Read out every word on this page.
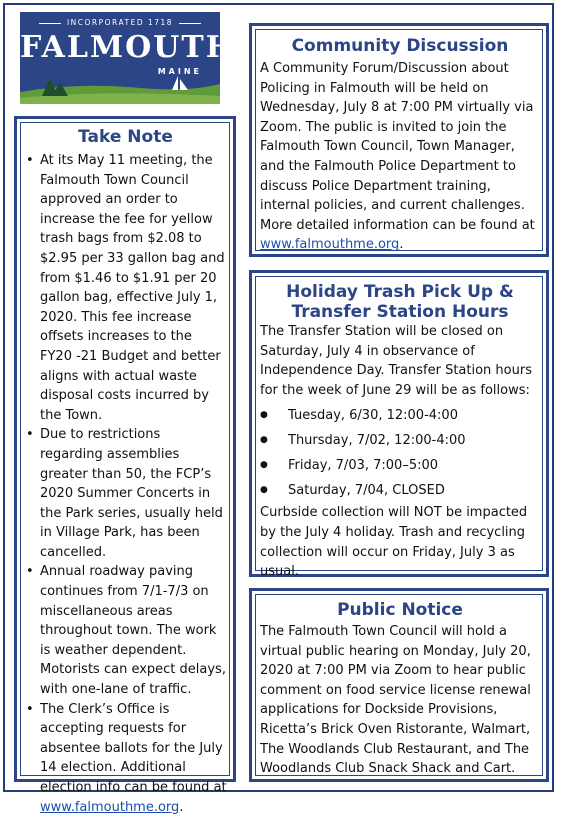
INCORPORATED 1718
FALMOUTH
MAINE
Take Note
• At its May 11 meeting, the Falmouth Town Council approved an order to increase the fee for yellow trash bags from $2.08 to $2.95 per 33 gallon bag and from $1.46 to $1.91 per 20 gallon bag, effective July 1, 2020. This fee increase offsets increases to the FY20 -21 Budget and better aligns with actual waste disposal costs incurred by the Town.
• Due to restrictions regarding assemblies greater than 50, the FCP’s 2020 Summer Concerts in the Park series, usually held in Village Park, has been cancelled.
• Annual roadway paving continues from 7/1-7/3 on miscellaneous areas throughout town. The work is weather dependent. Motorists can expect delays, with one-lane of traffic.
• The Clerk’s Office is accepting requests for absentee ballots for the July 14 election. Additional election info can be found at www.falmouthme.org.
Community Discussion

A Community Forum/Discussion about Policing in Falmouth will be held on Wednesday, July 8 at 7:00 PM virtually via Zoom. The public is invited to join the Falmouth Town Council, Town Manager, and the Falmouth Police Department to discuss Police Department training, internal policies, and current challenges. More detailed information can be found at www.falmouthme.org.

Holiday Trash Pick Up &
Transfer Station Hours

The Transfer Station will be closed on Saturday, July 4 in observance of Independence Day. Transfer Station hours for the week of June 29 will be as follows:

● Tuesday, 6/30, 12:00-4:00
● Thursday, 7/02, 12:00-4:00
● Friday, 7/03, 7:00–5:00
● Saturday, 7/04, CLOSED

Curbside collection will NOT be impacted by the July 4 holiday. Trash and recycling collection will occur on Friday, July 3 as usual.

Public Notice

The Falmouth Town Council will hold a virtual public hearing on Monday, July 20, 2020 at 7:00 PM via Zoom to hear public comment on food service license renewal applications for Dockside Provisions, Ricetta’s Brick Oven Ristorante, Walmart, The Woodlands Club Restaurant, and The Woodlands Club Snack Shack and Cart.
